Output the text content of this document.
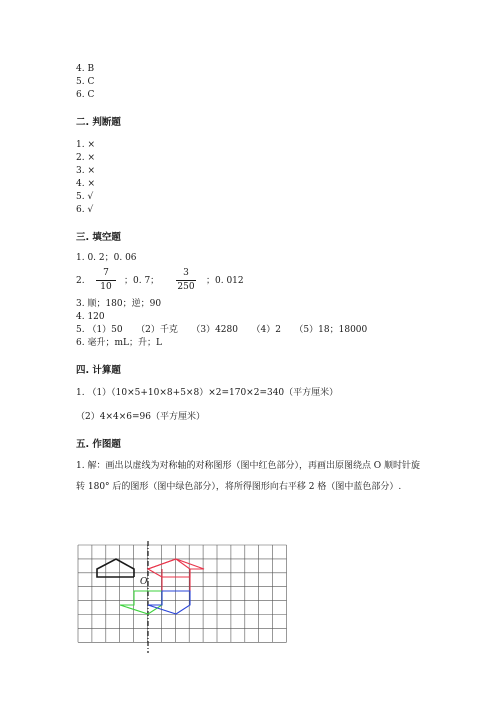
4. B
5. C
6. C
二. 判断题
1. ×
2. ×
3. ×
4. ×
5. √
6. √
三. 填空题
1. 0. 2；0. 06
2.
7
10
；0. 7；
3
250
；0. 012
3. 顺；180；逆；90
4. 120
5. （1）50　　（2）千克　　（3）4280　　（4）2　　（5）18；18000
6. 毫升；mL；升；L
四. 计算题
1. （1）（10×5+10×8+5×8）×2=170×2=340（平方厘米）
（2）4×4×6=96（平方厘米）
五. 作图题
1. 解：画出以虚线为对称轴的对称图形（图中红色部分），再画出原图绕点 O 顺时针旋转 180° 后的图形（图中绿色部分），将所得图形向右平移 2 格（图中蓝色部分）.
O
